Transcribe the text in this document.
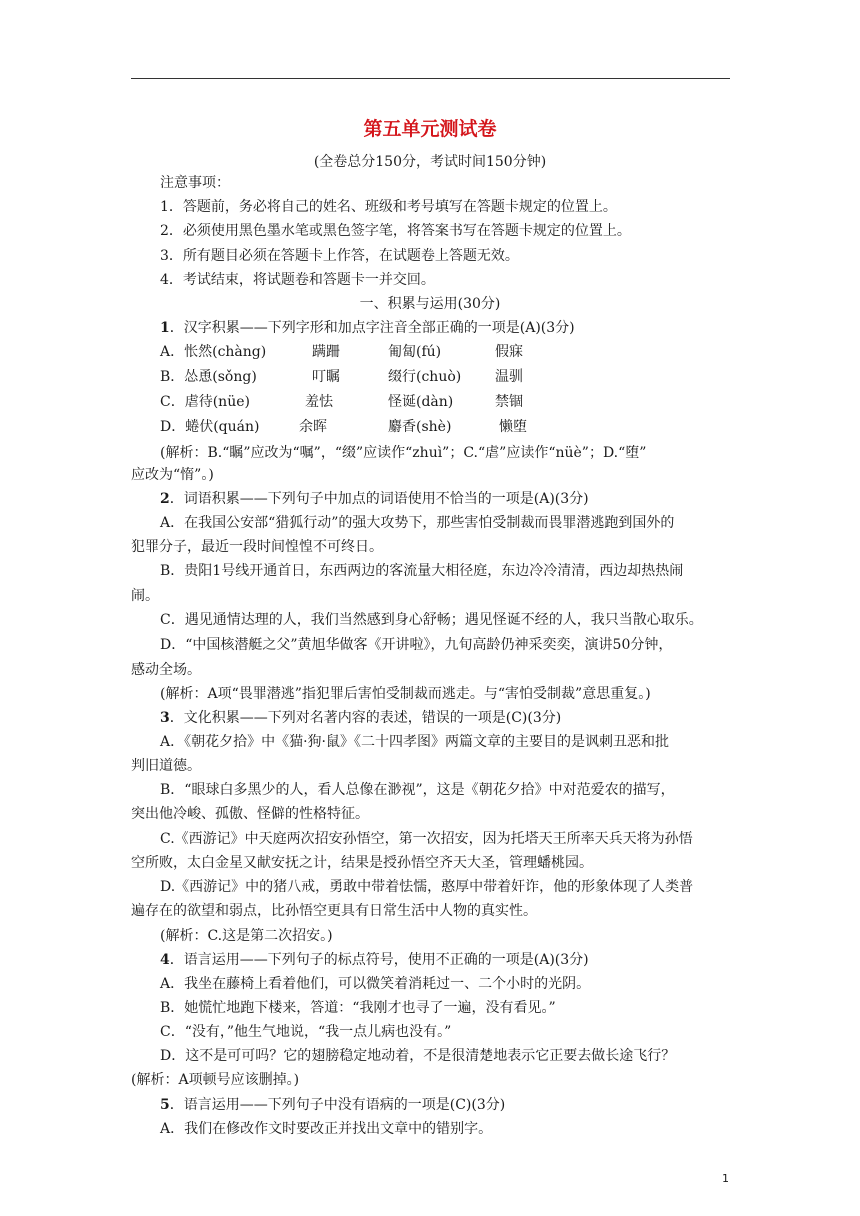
第五单元测试卷
(全卷总分150分，考试时间150分钟)
注意事项：
1．答题前，务必将自己的姓名、班级和考号填写在答题卡规定的位置上。
2．必须使用黑色墨水笔或黑色签字笔，将答案书写在答题卡规定的位置上。
3．所有题目必须在答题卡上作答，在试题卷上答题无效。
4．考试结束，将试题卷和答题卡一并交回。
一、积累与运用(30分)
1．汉字积累——下列字形和加点字注音全部正确的一项是(A)(3分)
A．怅然(chàng)	蹒跚	匍匐(fú)	假寐
B．怂恿(sǒng)	叮瞩	缀行(chuò) 温驯
C．虐待(nüe)	羞怯	怪诞(dàn)	禁锢
D．蜷伏(quán)	余晖	麝香(shè)	懒堕
(解析：B.“瞩”应改为“嘱”，“缀”应读作“zhuì”；C.“虐”应读作“nüè”；D.“堕”
应改为“惰”。)
2．词语积累——下列句子中加点的词语使用不恰当的一项是(A)(3分)
A．在我国公安部“猎狐行动”的强大攻势下，那些害怕受制裁而畏罪潜逃跑到国外的
犯罪分子，最近一段时间惶惶不可终日。
B．贵阳1号线开通首日，东西两边的客流量大相径庭，东边冷冷清清，西边却热热闹
闹。
C．遇见通情达理的人，我们当然感到身心舒畅；遇见怪诞不经的人，我只当散心取乐。
D．“中国核潜艇之父”黄旭华做客《开讲啦》，九旬高龄仍神采奕奕，演讲50分钟，
感动全场。
(解析：A项“畏罪潜逃”指犯罪后害怕受制裁而逃走。与“害怕受制裁”意思重复。)
3．文化积累——下列对名著内容的表述，错误的一项是(C)(3分)
A．《朝花夕拾》中《猫·狗·鼠》《二十四孝图》两篇文章的主要目的是讽刺丑恶和批
判旧道德。
B．“眼球白多黑少的人，看人总像在渺视”，这是《朝花夕拾》中对范爱农的描写，
突出他冷峻、孤傲、怪僻的性格特征。
C.《西游记》中天庭两次招安孙悟空，第一次招安，因为托塔天王所率天兵天将为孙悟
空所败，太白金星又献安抚之计，结果是授孙悟空齐天大圣，管理蟠桃园。
D.《西游记》中的猪八戒，勇敢中带着怯懦，憨厚中带着奸诈，他的形象体现了人类普
遍存在的欲望和弱点，比孙悟空更具有日常生活中人物的真实性。
(解析：C.这是第二次招安。)
4．语言运用——下列句子的标点符号，使用不正确的一项是(A)(3分)
A．我坐在藤椅上看着他们，可以微笑着消耗过一、二个小时的光阴。
B．她慌忙地跑下楼来，答道：“我刚才也寻了一遍，没有看见。”
C．“没有，”他生气地说，“我一点儿病也没有。”
D．这不是可可吗？它的翅膀稳定地动着，不是很清楚地表示它正要去做长途飞行？
(解析：A项顿号应该删掉。)
5．语言运用——下列句子中没有语病的一项是(C)(3分)
A．我们在修改作文时要改正并找出文章中的错别字。
1
